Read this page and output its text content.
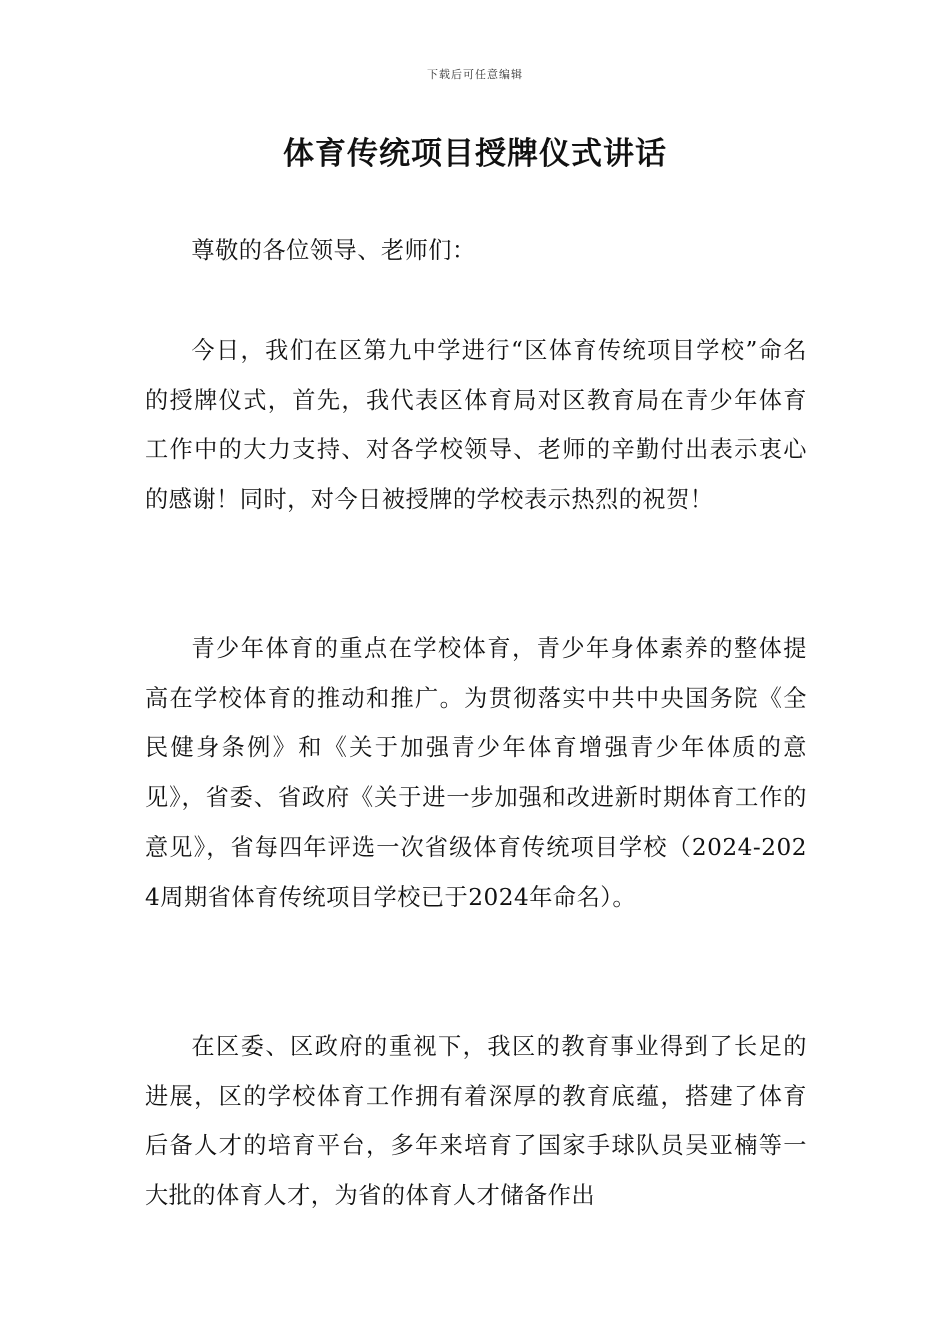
下载后可任意编辑
体育传统项目授牌仪式讲话

尊敬的各位领导、老师们：

今日，我们在区第九中学进行“区体育传统项目学校”命名的授牌仪式，首先，我代表区体育局对区教育局在青少年体育工作中的大力支持、对各学校领导、老师的辛勤付出表示衷心的感谢！同时，对今日被授牌的学校表示热烈的祝贺！

青少年体育的重点在学校体育，青少年身体素养的整体提高在学校体育的推动和推广。为贯彻落实中共中央国务院《全民健身条例》和《关于加强青少年体育增强青少年体质的意见》，省委、省政府《关于进一步加强和改进新时期体育工作的意见》，省每四年评选一次省级体育传统项目学校（2024-2024周期省体育传统项目学校已于2024年命名）。

在区委、区政府的重视下，我区的教育事业得到了长足的进展，区的学校体育工作拥有着深厚的教育底蕴，搭建了体育后备人才的培育平台，多年来培育了国家手球队员吴亚楠等一大批的体育人才，为省的体育人才储备作出
